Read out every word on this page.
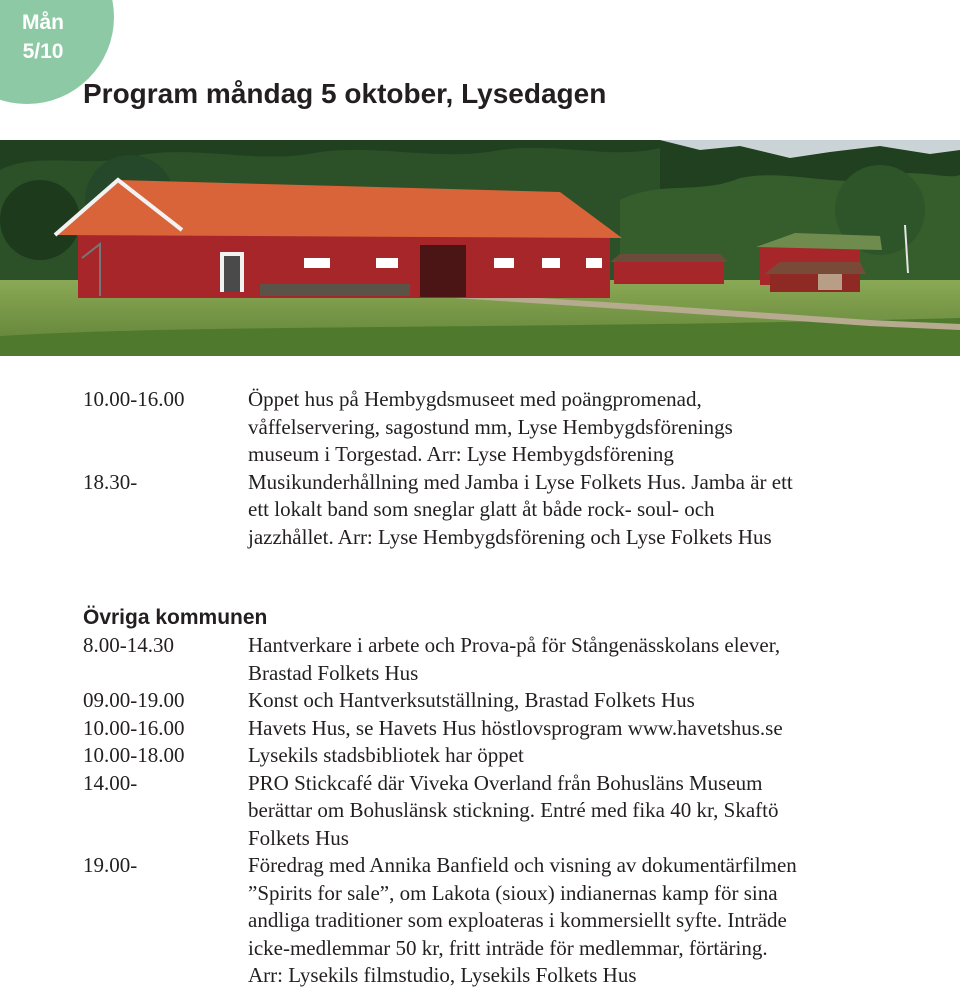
Mån
5/10
Program måndag 5 oktober, Lysedagen
10.00-16.00	Öppet hus på Hembygdsmuseet med poängpromenad,
våffelservering, sagostund mm, Lyse Hembygdsförenings
museum i Torgestad. Arr: Lyse Hembygdsförening
18.30-	Musikunderhållning med Jamba i Lyse Folkets Hus. Jamba är ett
ett lokalt band som sneglar glatt åt både rock- soul- och
jazzhållet. Arr: Lyse Hembygdsförening och Lyse Folkets Hus
Övriga kommunen
8.00-14.30	Hantverkare i arbete och Prova-på för Stångenässkolans elever,
Brastad Folkets Hus
09.00-19.00	Konst och Hantverksutställning, Brastad Folkets Hus
10.00-16.00	Havets Hus, se Havets Hus höstlovsprogram www.havetshus.se
10.00-18.00	Lysekils stadsbibliotek har öppet
14.00-	PRO Stickcafé där Viveka Overland från Bohusläns Museum
berättar om Bohuslänsk stickning. Entré med fika 40 kr, Skaftö
Folkets Hus
19.00-	Föredrag med Annika Banfield och visning av dokumentärfilmen
”Spirits for sale”, om Lakota (sioux) indianernas kamp för sina
andliga traditioner som exploateras i kommersiellt syfte. Inträde
icke-medlemmar 50 kr, fritt inträde för medlemmar, förtäring.
Arr: Lysekils filmstudio, Lysekils Folkets Hus
